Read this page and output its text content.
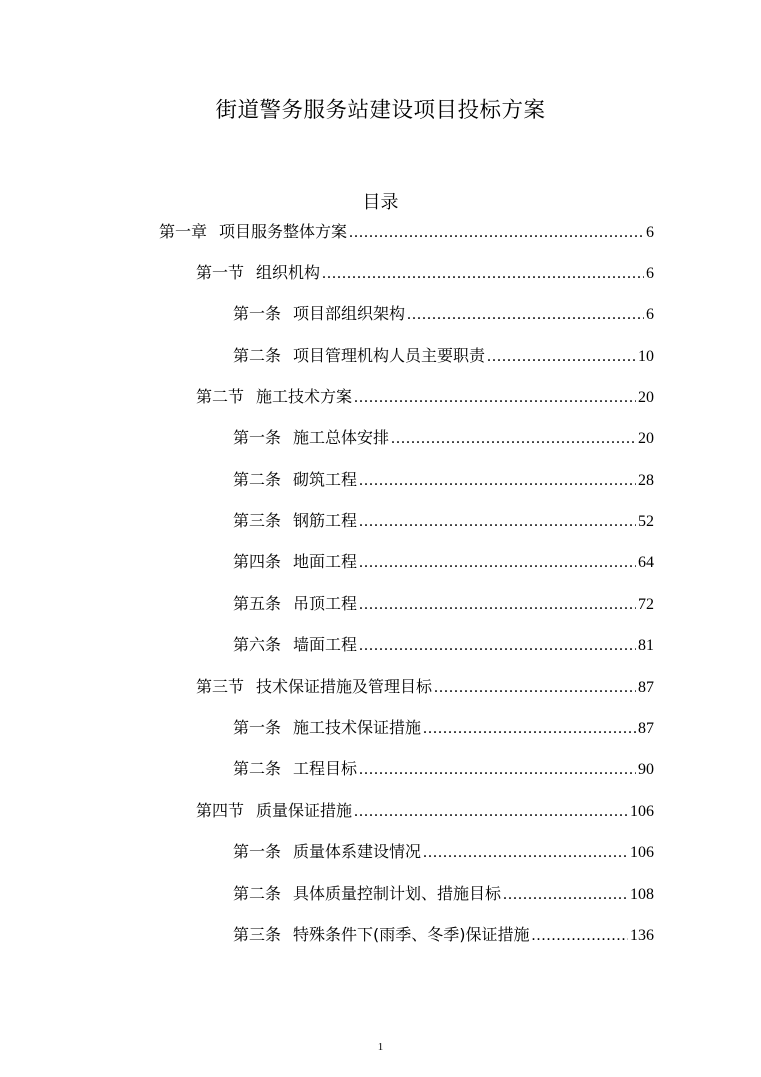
街道警务服务站建设项目投标方案
目录
第一章 项目服务整体方案 .....	6
第一节 组织机构 .....	6
第一条 项目部组织架构 .....	6
第二条 项目管理机构人员主要职责 .....	10
第二节 施工技术方案 .....	20
第一条 施工总体安排 .....	20
第二条 砌筑工程 .....	28
第三条 钢筋工程 .....	52
第四条 地面工程 .....	64
第五条 吊顶工程 .....	72
第六条 墙面工程 .....	81
第三节 技术保证措施及管理目标 .....	87
第一条 施工技术保证措施 .....	87
第二条 工程目标 .....	90
第四节 质量保证措施 .....	106
第一条 质量体系建设情况 .....	106
第二条 具体质量控制计划、措施目标 .....	108
第三条 特殊条件下(雨季、冬季)保证措施 .....	136
1
